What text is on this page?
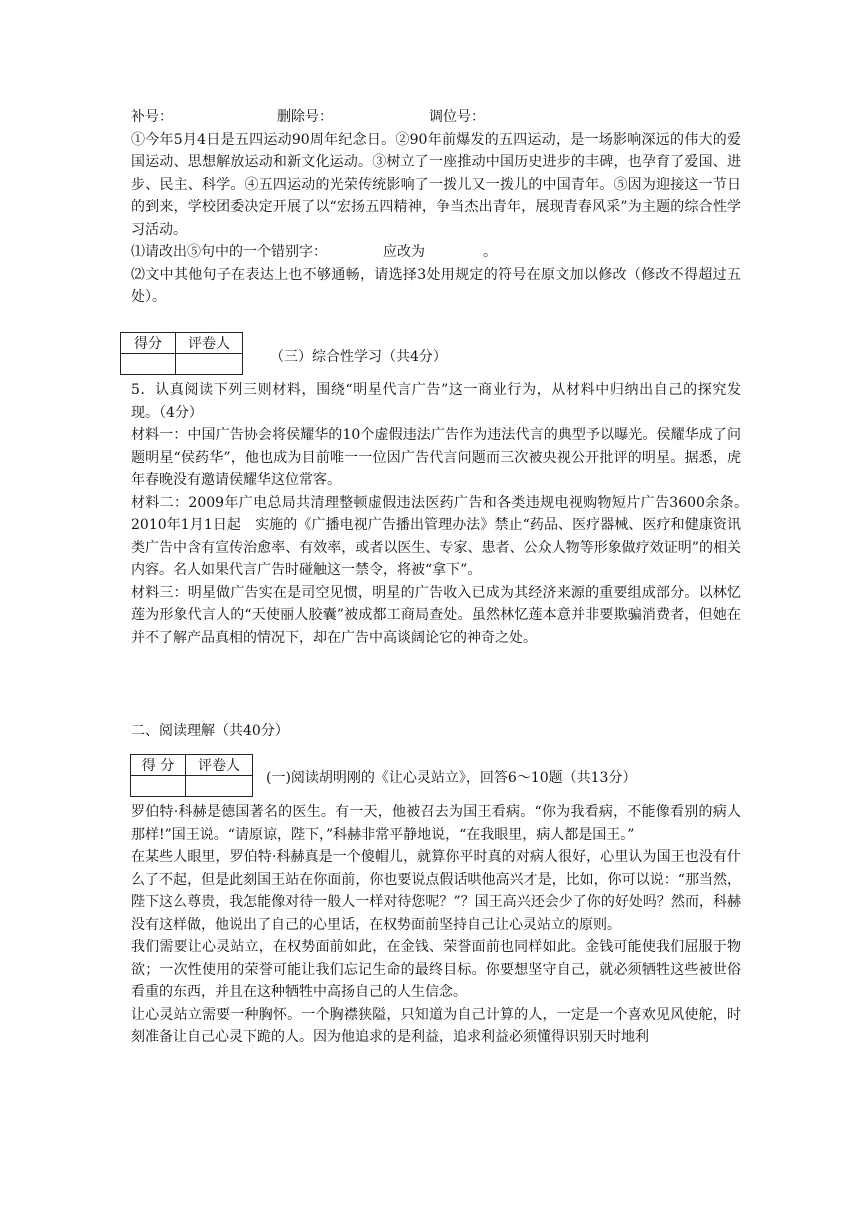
补号：	删除号：	调位号：

①今年5月4日是五四运动90周年纪念日。②90年前爆发的五四运动，是一场影响深远的伟大的爱国运动、思想解放运动和新文化运动。③树立了一座推动中国历史进步的丰碑，也孕育了爱国、进步、民主、科学。④五四运动的光荣传统影响了一拨儿又一拨儿的中国青年。⑤因为迎接这一节日的到来，学校团委决定开展了以“宏扬五四精神，争当杰出青年，展现青春风采”为主题的综合性学习活动。

⑴请改出⑤句中的一个错别字：	应改为	。

⑵文中其他句子在表达上也不够通畅，请选择3处用规定的符号在原文加以修改（修改不得超过五处）。

得分	评卷人

（三）综合性学习（共4分）

5．认真阅读下列三则材料，围绕“明星代言广告”这一商业行为，从材料中归纳出自己的探究发现。（4分）

材料一：中国广告协会将侯耀华的10个虚假违法广告作为违法代言的典型予以曝光。侯耀华成了问题明星“侯药华”，他也成为目前唯一一位因广告代言问题而三次被央视公开批评的明星。据悉，虎年春晚没有邀请侯耀华这位常客。

材料二：2009年广电总局共清理整顿虚假违法医药广告和各类违规电视购物短片广告3600余条。　2010年1月1日起　实施的《广播电视广告播出管理办法》禁止“药品、医疗器械、医疗和健康资讯类广告中含有宣传治愈率、有效率，或者以医生、专家、患者、公众人物等形象做疗效证明”的相关内容。名人如果代言广告时碰触这一禁令，将被“拿下”。

材料三：明星做广告实在是司空见惯，明星的广告收入已成为其经济来源的重要组成部分。以林忆莲为形象代言人的“天使丽人胶囊”被成都工商局查处。虽然林忆莲本意并非要欺骗消费者，但她在并不了解产品真相的情况下，却在广告中高谈阔论它的神奇之处。

二、阅读理解（共40分）
得 分	评卷人

(一)阅读胡明刚的《让心灵站立》，回答6～10题（共13分）

罗伯特·科赫是德国著名的医生。有一天，他被召去为国王看病。“你为我看病，不能像看别的病人那样!”国王说。“请原谅，陛下，”科赫非常平静地说，“在我眼里，病人都是国王。”

在某些人眼里，罗伯特·科赫真是一个傻帽儿，就算你平时真的对病人很好，心里认为国王也没有什么了不起，但是此刻国王站在你面前，你也要说点假话哄他高兴才是，比如，你可以说：“那当然，陛下这么尊贵，我怎能像对待一般人一样对待您呢？”？国王高兴还会少了你的好处吗？然而，科赫没有这样做，他说出了自己的心里话，在权势面前坚持自己让心灵站立的原则。

我们需要让心灵站立，在权势面前如此，在金钱、荣誉面前也同样如此。金钱可能使我们屈服于物欲；一次性使用的荣誉可能让我们忘记生命的最终目标。你要想坚守自己，就必须牺牲这些被世俗看重的东西，并且在这种牺牲中高扬自己的人生信念。

让心灵站立需要一种胸怀。一个胸襟狭隘，只知道为自己计算的人，一定是一个喜欢见风使舵，时刻准备让自己心灵下跪的人。因为他追求的是利益，追求利益必须懂得识别天时地利
